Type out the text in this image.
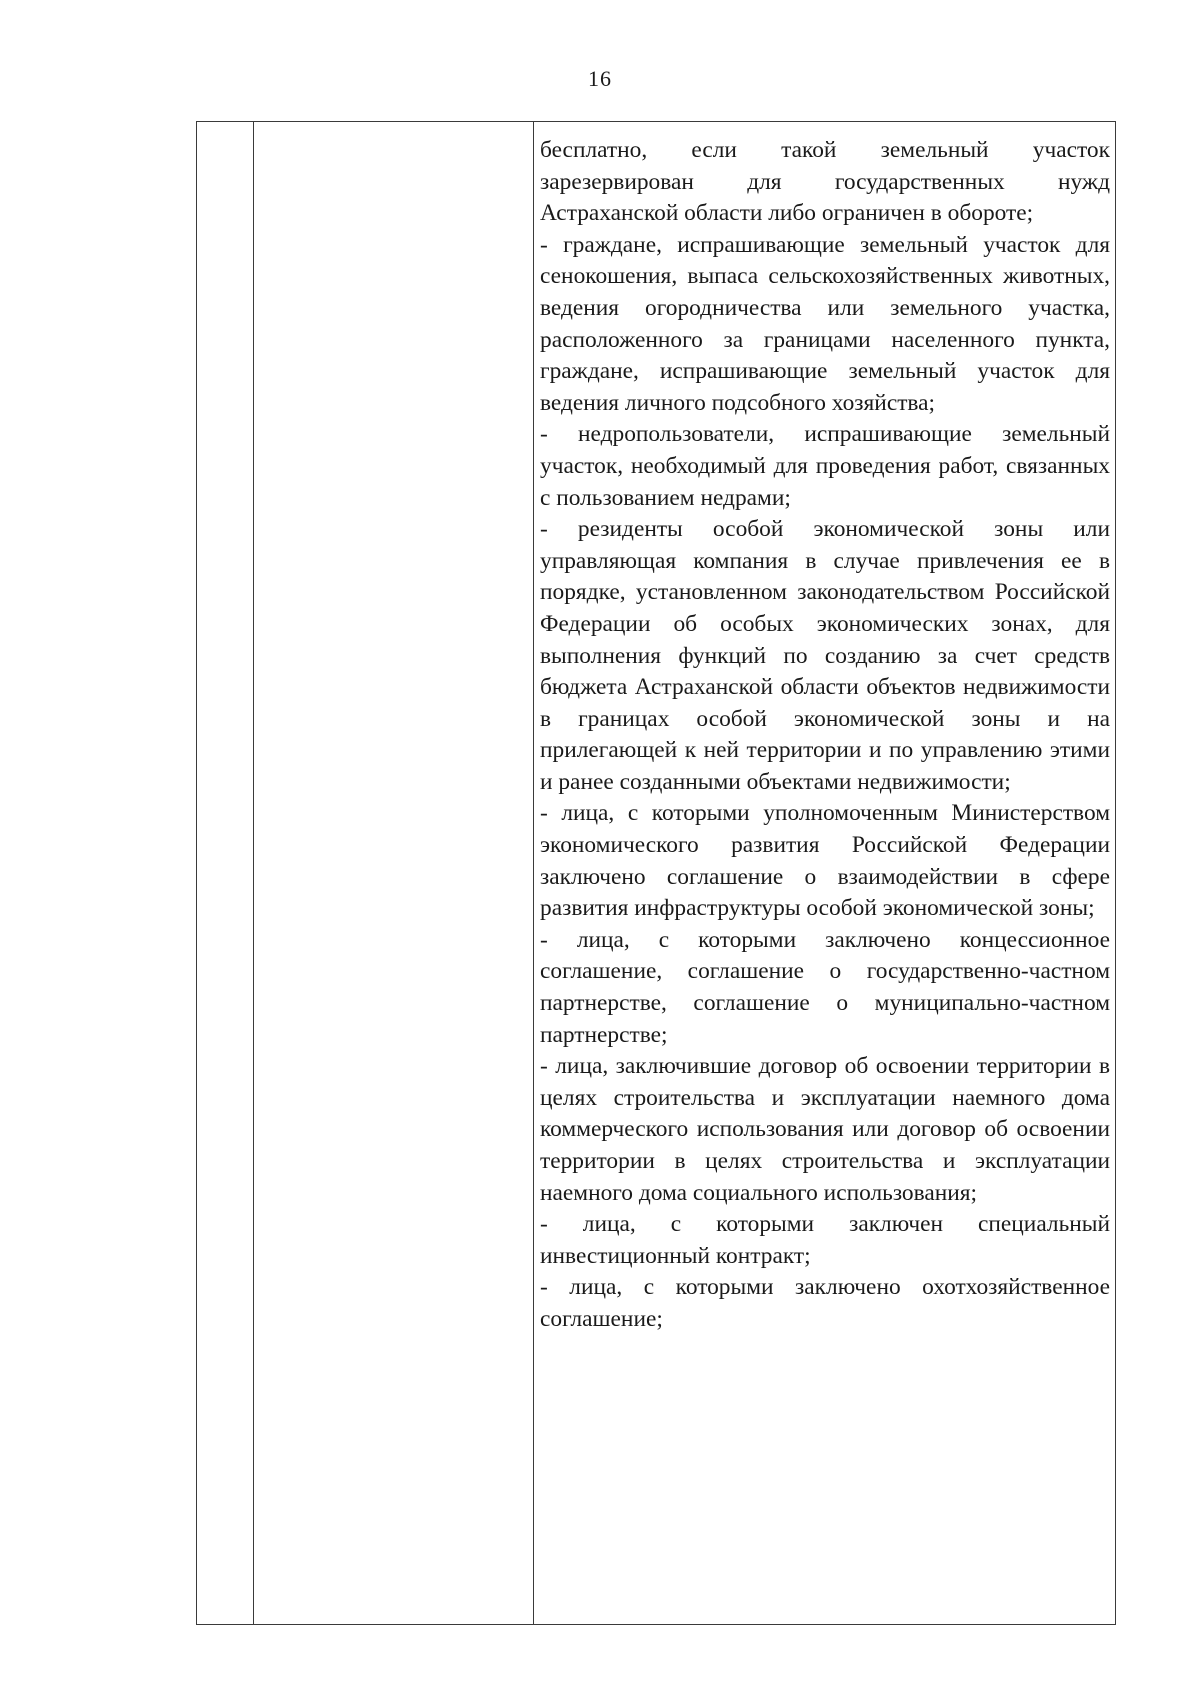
16

бесплатно, если такой земельный участок зарезервирован для государственных нужд Астраханской области либо ограничен в обороте;

- граждане, испрашивающие земельный участок для сенокошения, выпаса сельскохозяйственных животных, ведения огородничества или земельного участка, расположенного за границами населенного пункта, граждане, испрашивающие земельный участок для ведения личного подсобного хозяйства;

- недропользователи, испрашивающие земельный участок, необходимый для проведения работ, связанных с пользованием недрами;

- резиденты особой экономической зоны или управляющая компания в случае привлечения ее в порядке, установленном законодательством Российской Федерации об особых экономических зонах, для выполнения функций по созданию за счет средств бюджета Астраханской области объектов недвижимости в границах особой экономической зоны и на прилегающей к ней территории и по управлению этими и ранее созданными объектами недвижимости;

- лица, с которыми уполномоченным Министерством экономического развития Российской Федерации заключено соглашение о взаимодействии в сфере развития инфраструктуры особой экономической зоны;

- лица, с которыми заключено концессионное соглашение, соглашение о государственно-частном партнерстве, соглашение о муниципально-частном партнерстве;

- лица, заключившие договор об освоении территории в целях строительства и эксплуатации наемного дома коммерческого использования или договор об освоении территории в целях строительства и эксплуатации наемного дома социального использования;

- лица, с которыми заключен специальный инвестиционный контракт;

- лица, с которыми заключено охотхозяйственное соглашение;
